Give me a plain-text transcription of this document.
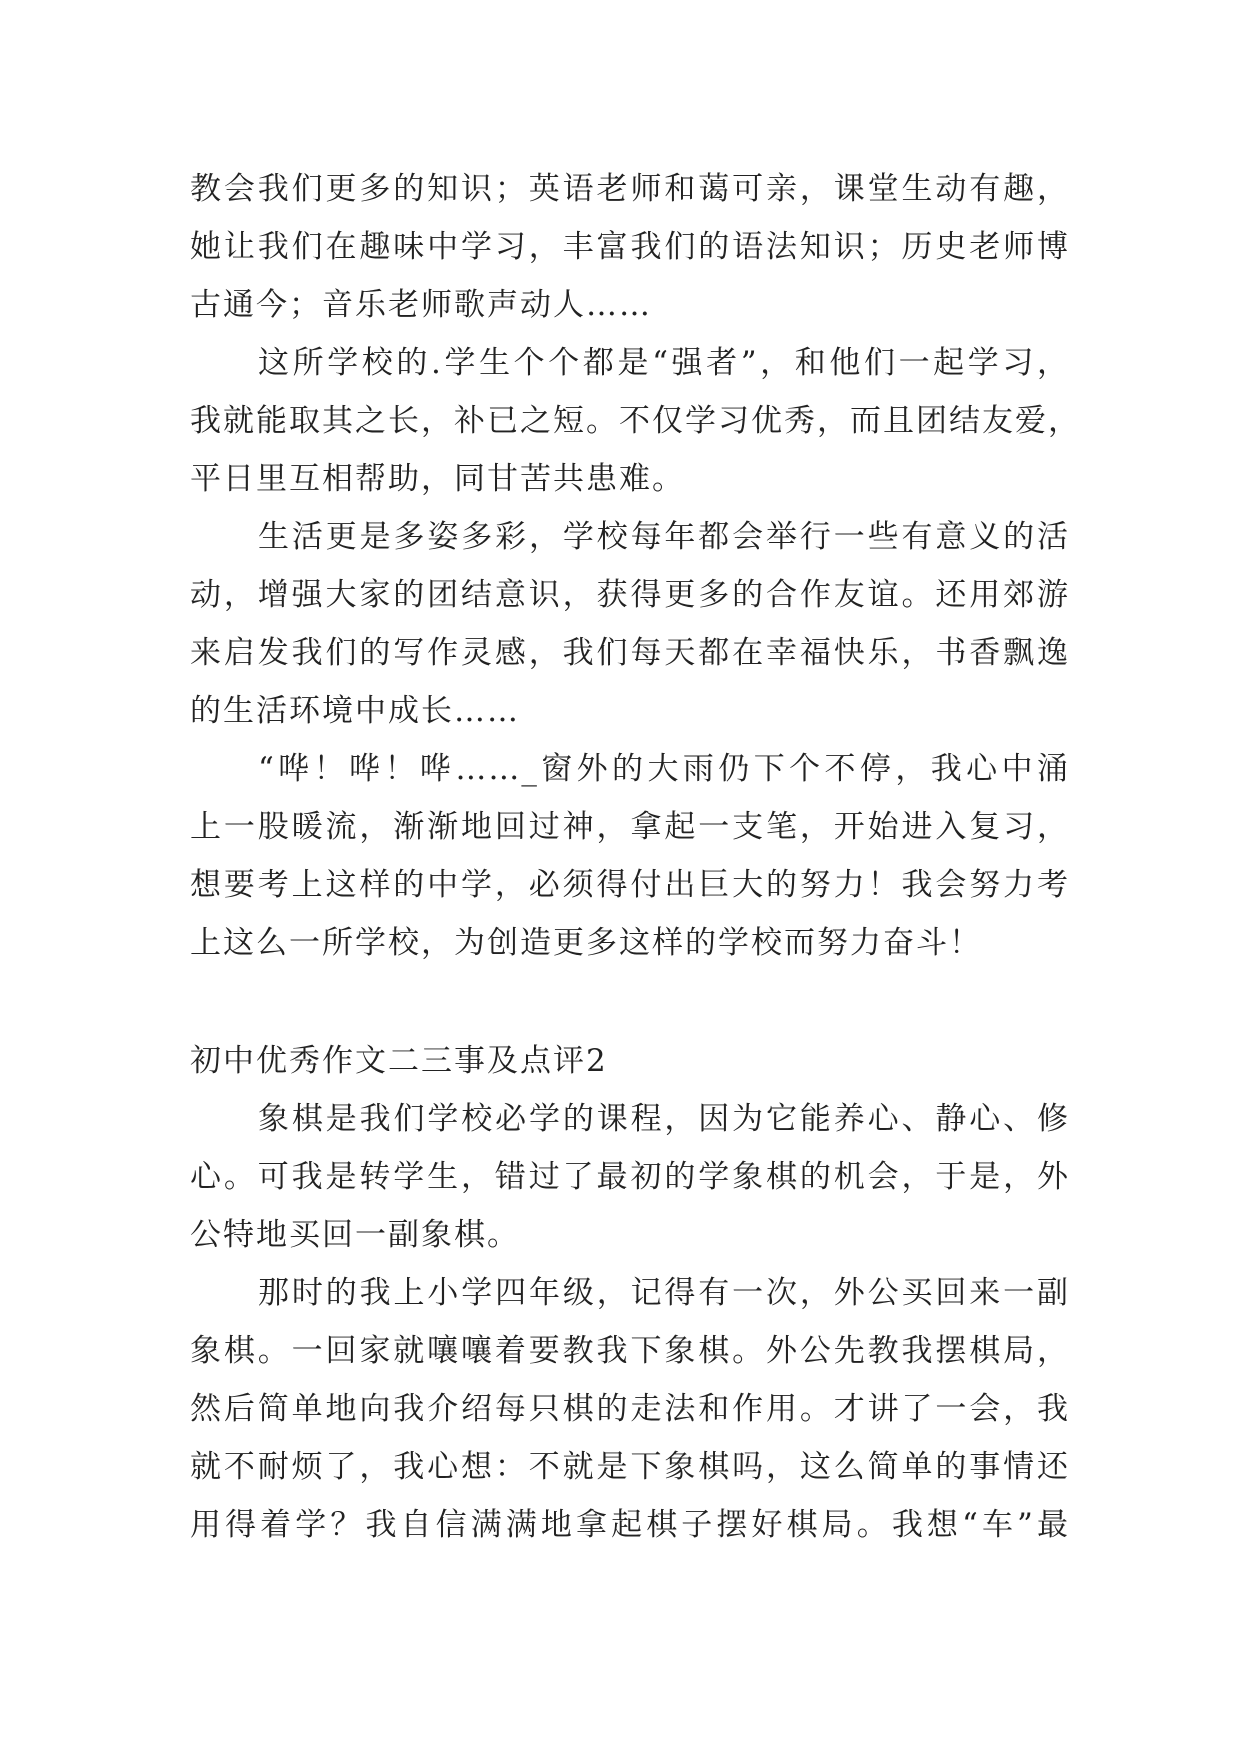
教会我们更多的知识；英语老师和蔼可亲，课堂生动有趣，
她让我们在趣味中学习，丰富我们的语法知识；历史老师博
古通今；音乐老师歌声动人……
这所学校的.学生个个都是“强者”，和他们一起学习，
我就能取其之长，补已之短。不仅学习优秀，而且团结友爱，
平日里互相帮助，同甘苦共患难。
生活更是多姿多彩，学校每年都会举行一些有意义的活
动，增强大家的团结意识，获得更多的合作友谊。还用郊游
来启发我们的写作灵感，我们每天都在幸福快乐，书香飘逸
的生活环境中成长……
“哗！哗！哗……_窗外的大雨仍下个不停，我心中涌
上一股暖流，渐渐地回过神，拿起一支笔，开始进入复习，
想要考上这样的中学，必须得付出巨大的努力！我会努力考
上这么一所学校，为创造更多这样的学校而努力奋斗！
初中优秀作文二三事及点评2
象棋是我们学校必学的课程，因为它能养心、静心、修
心。可我是转学生，错过了最初的学象棋的机会，于是，外
公特地买回一副象棋。
那时的我上小学四年级，记得有一次，外公买回来一副
象棋。一回家就嚷嚷着要教我下象棋。外公先教我摆棋局，
然后简单地向我介绍每只棋的走法和作用。才讲了一会，我
就不耐烦了，我心想：不就是下象棋吗，这么简单的事情还
用得着学？我自信满满地拿起棋子摆好棋局。我想“车”最
